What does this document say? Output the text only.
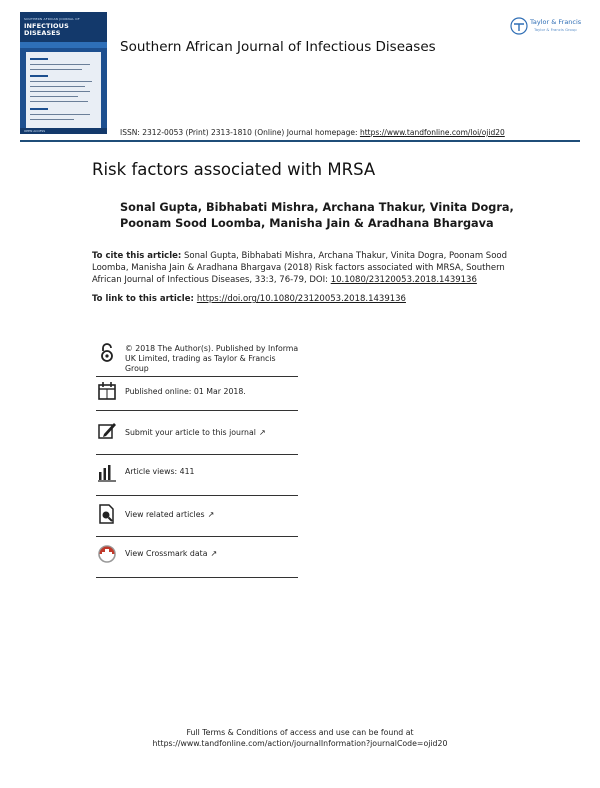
SOUTHERN AFRICAN JOURNAL OF
INFECTIOUS DISEASES
OPEN ACCESS
Southern African Journal of Infectious Diseases
ISSN: 2312-0053 (Print) 2313-1810 (Online) Journal homepage: https://www.tandfonline.com/loi/ojid20
Taylor & Francis
Taylor & Francis Group
Risk factors associated with MRSA
Sonal Gupta, Bibhabati Mishra, Archana Thakur, Vinita Dogra, Poonam Sood Loomba, Manisha Jain & Aradhana Bhargava
To cite this article: Sonal Gupta, Bibhabati Mishra, Archana Thakur, Vinita Dogra, Poonam Sood Loomba, Manisha Jain & Aradhana Bhargava (2018) Risk factors associated with MRSA, Southern African Journal of Infectious Diseases, 33:3, 76-79, DOI: 10.1080/23120053.2018.1439136
To link to this article: https://doi.org/10.1080/23120053.2018.1439136
© 2018 The Author(s). Published by Informa UK Limited, trading as Taylor & Francis Group
Published online: 01 Mar 2018.
Submit your article to this journal ↗
Article views: 411
View related articles ↗
View Crossmark data ↗
Full Terms & Conditions of access and use can be found at
https://www.tandfonline.com/action/journalInformation?journalCode=ojid20
